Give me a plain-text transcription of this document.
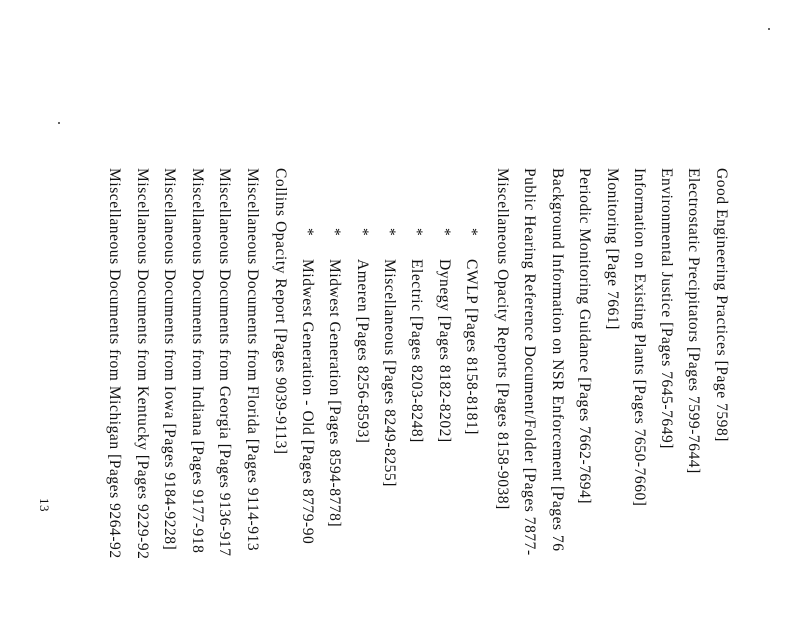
Good Engineering Practices [Page 7598]
Electrostatic Precipitators [Pages 7599-7644]
Environmental Justice [Pages 7645-7649]
Information on Existing Plants [Pages 7650-7660]
Monitoring [Page 7661]
Periodic Monitoring Guidance [Pages 7662-7694]
Background Information on NSR Enforcement [Pages 76
Public Hearing Reference Document/Folder [Pages 7877-
Miscellaneous Opacity Reports [Pages 8158-9038]
*
*
*
*
*
*
*
CWLP [Pages 8158-8181]
Dynegy [Pages 8182-8202]
Electric [Pages 8203-8248]
Miscellaneous [Pages 8249-8255]
Ameren [Pages 8256-8593]
Midwest Generation [Pages 8594-8778]
Midwest Generation - Old [Pages 8779-90
Collins Opacity Report [Pages 9039-9113]
Miscellaneous Documents from Florida [Pages 9114-913
Miscellaneous Documents from Georgia [Pages 9136-917
Miscellaneous Documents from Indiana [Pages 9177-918
Miscellaneous Documents from Iowa [Pages 9184-9228]
Miscellaneous Documents from Kentucky [Pages 9229-92
Miscellaneous Documents from Michigan [Pages 9264-92
13
